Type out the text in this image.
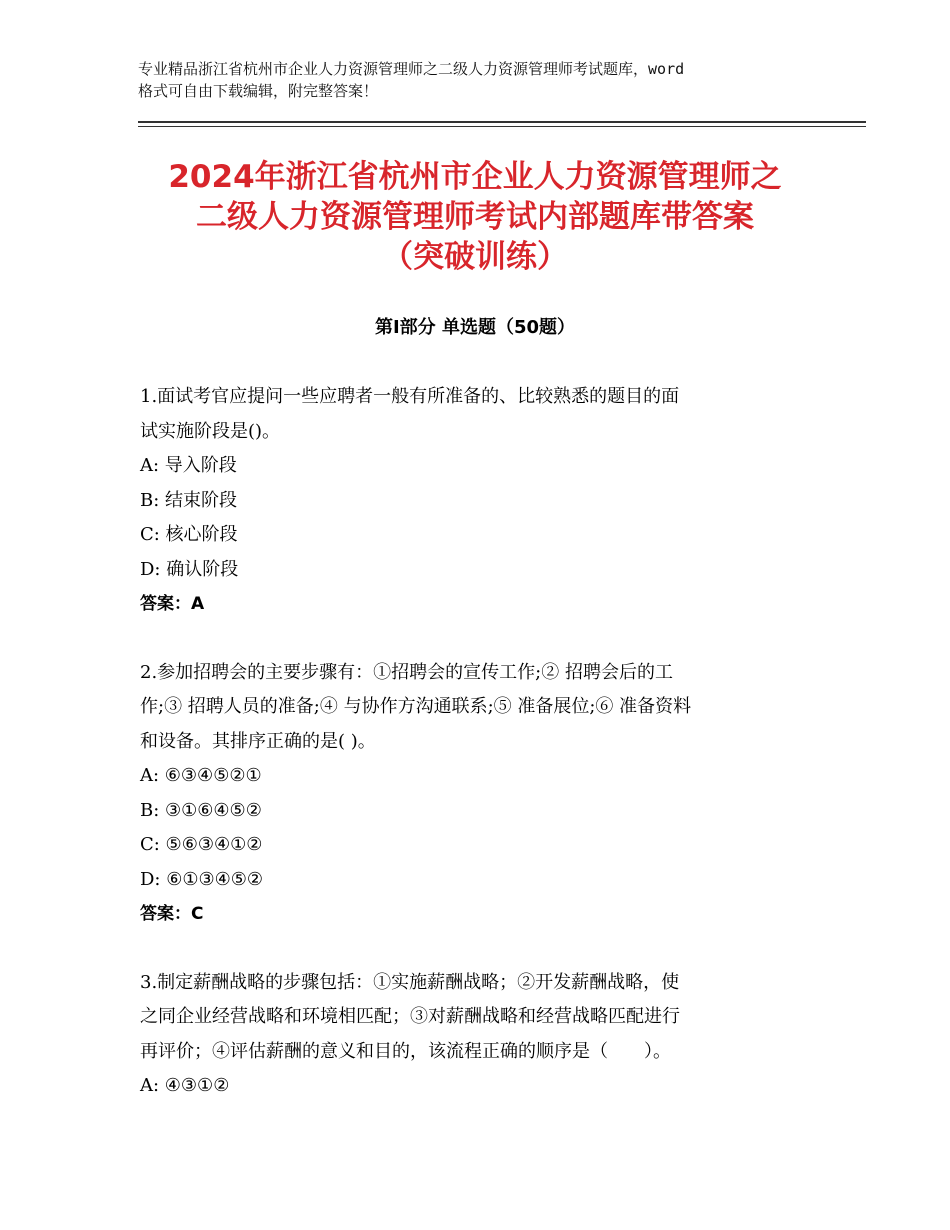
专业精品浙江省杭州市企业人力资源管理师之二级人力资源管理师考试题库，word
格式可自由下载编辑，附完整答案！
2024年浙江省杭州市企业人力资源管理师之
二级人力资源管理师考试内部题库带答案
（突破训练）
第Ⅰ部分 单选题（50题）
1.面试考官应提问一些应聘者一般有所准备的、比较熟悉的题目的面
试实施阶段是()。
A: 导入阶段
B: 结束阶段
C: 核心阶段
D: 确认阶段
答案：A
2.参加招聘会的主要步骤有：①招聘会的宣传工作;② 招聘会后的工
作;③ 招聘人员的准备;④ 与协作方沟通联系;⑤ 准备展位;⑥ 准备资料
和设备。其排序正确的是( )。
A: ⑥③④⑤②①
B: ③①⑥④⑤②
C: ⑤⑥③④①②
D: ⑥①③④⑤②
答案：C
3.制定薪酬战略的步骤包括：①实施薪酬战略；②开发薪酬战略，使
之同企业经营战略和环境相匹配；③对薪酬战略和经营战略匹配进行
再评价；④评估薪酬的意义和目的，该流程正确的顺序是（　　）。
A: ④③①②
